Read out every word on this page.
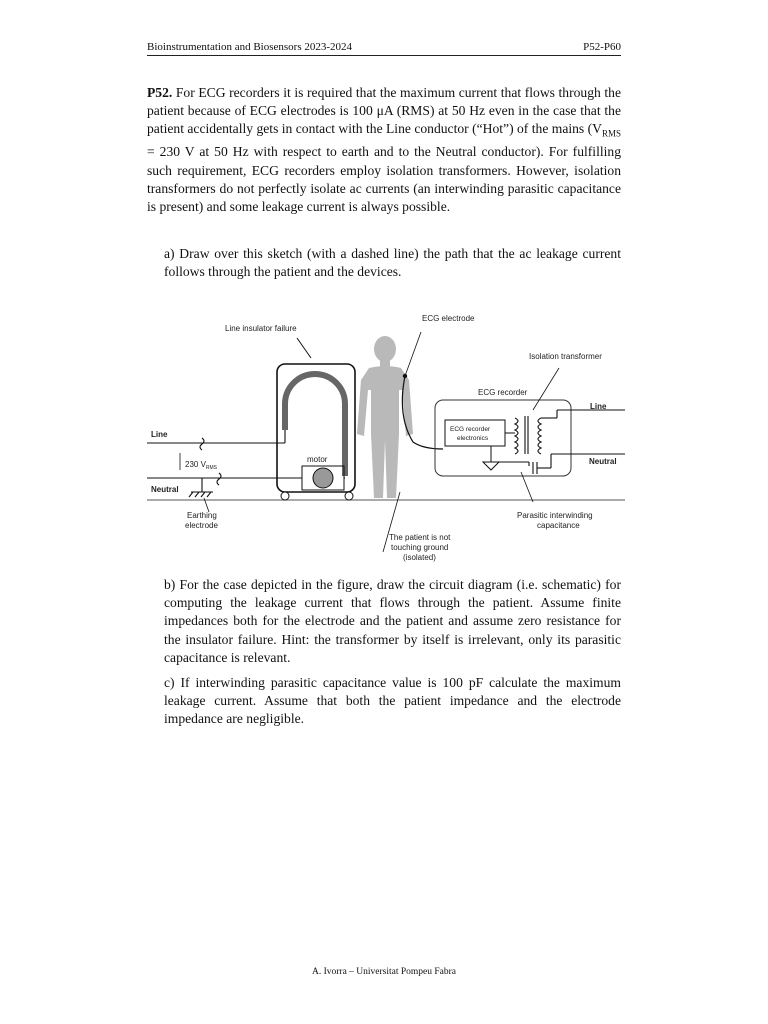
Bioinstrumentation and Biosensors 2023-2024	P52-P60

P52. For ECG recorders it is required that the maximum current that flows through the patient because of ECG electrodes is 100 μA (RMS) at 50 Hz even in the case that the patient accidentally gets in contact with the Line conductor (“Hot”) of the mains ($V_{RMS} = 230$ V at 50 Hz with respect to earth and to the Neutral conductor). For fulfilling such requirement, ECG recorders employ isolation transformers. However, isolation transformers do not perfectly isolate ac currents (an interwinding parasitic capacitance is present) and some leakage current is always possible.

a) Draw over this sketch (with a dashed line) the path that the ac leakage current follows through the patient and the devices.

ECG electrode
Line insulator failure
Isolation transformer
ECG recorder
Line
Line
Neutral
Neutral
230 $V_{RMS}$
motor
ECG recorder
electronics
Earthing
electrode
The patient is not
touching ground
(isolated)
Parasitic interwinding
capacitance

b) For the case depicted in the figure, draw the circuit diagram (i.e. schematic) for computing the leakage current that flows through the patient. Assume finite impedances both for the electrode and the patient and assume zero resistance for the insulator failure. Hint: the transformer by itself is irrelevant, only its parasitic capacitance is relevant.

c) If interwinding parasitic capacitance value is 100 pF calculate the maximum leakage current. Assume that both the patient impedance and the electrode impedance are negligible.

A. Ivorra – Universitat Pompeu Fabra
